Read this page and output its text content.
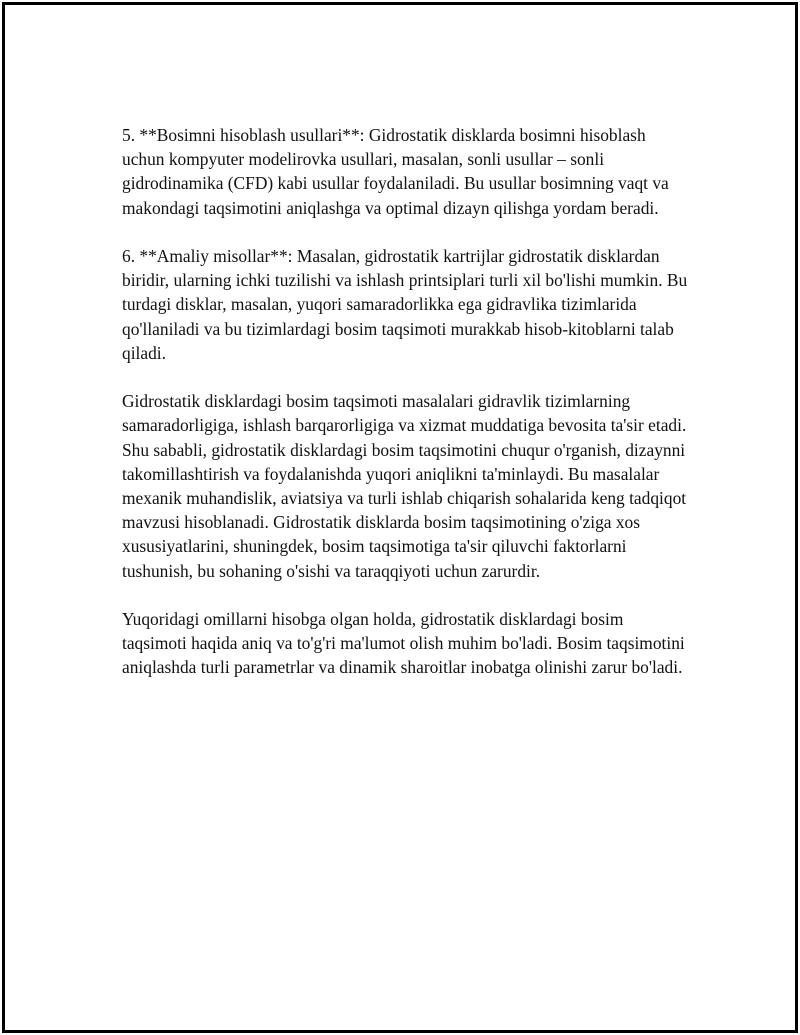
5. **Bosimni hisoblash usullari**: Gidrostatik disklarda bosimni hisoblash uchun kompyuter modelirovka usullari, masalan, sonli usullar – sonli gidrodinamika (CFD) kabi usullar foydalaniladi. Bu usullar bosimning vaqt va makondagi taqsimotini aniqlashga va optimal dizayn qilishga yordam beradi.

6. **Amaliy misollar**: Masalan, gidrostatik kartrijlar gidrostatik disklardan biridir, ularning ichki tuzilishi va ishlash printsiplari turli xil bo'lishi mumkin. Bu turdagi disklar, masalan, yuqori samaradorlikka ega gidravlika tizimlarida qo'llaniladi va bu tizimlardagi bosim taqsimoti murakkab hisob-kitoblarni talab qiladi.

Gidrostatik disklardagi bosim taqsimoti masalalari gidravlik tizimlarning samaradorligiga, ishlash barqarorligiga va xizmat muddatiga bevosita ta'sir etadi. Shu sababli, gidrostatik disklardagi bosim taqsimotini chuqur o'rganish, dizaynni takomillashtirish va foydalanishda yuqori aniqlikni ta'minlaydi. Bu masalalar mexanik muhandislik, aviatsiya va turli ishlab chiqarish sohalarida keng tadqiqot mavzusi hisoblanadi. Gidrostatik disklarda bosim taqsimotining o'ziga xos xususiyatlarini, shuningdek, bosim taqsimotiga ta'sir qiluvchi faktorlarni tushunish, bu sohaning o'sishi va taraqqiyoti uchun zarurdir.

Yuqoridagi omillarni hisobga olgan holda, gidrostatik disklardagi bosim taqsimoti haqida aniq va to'g'ri ma'lumot olish muhim bo'ladi. Bosim taqsimotini aniqlashda turli parametrlar va dinamik sharoitlar inobatga olinishi zarur bo'ladi.
